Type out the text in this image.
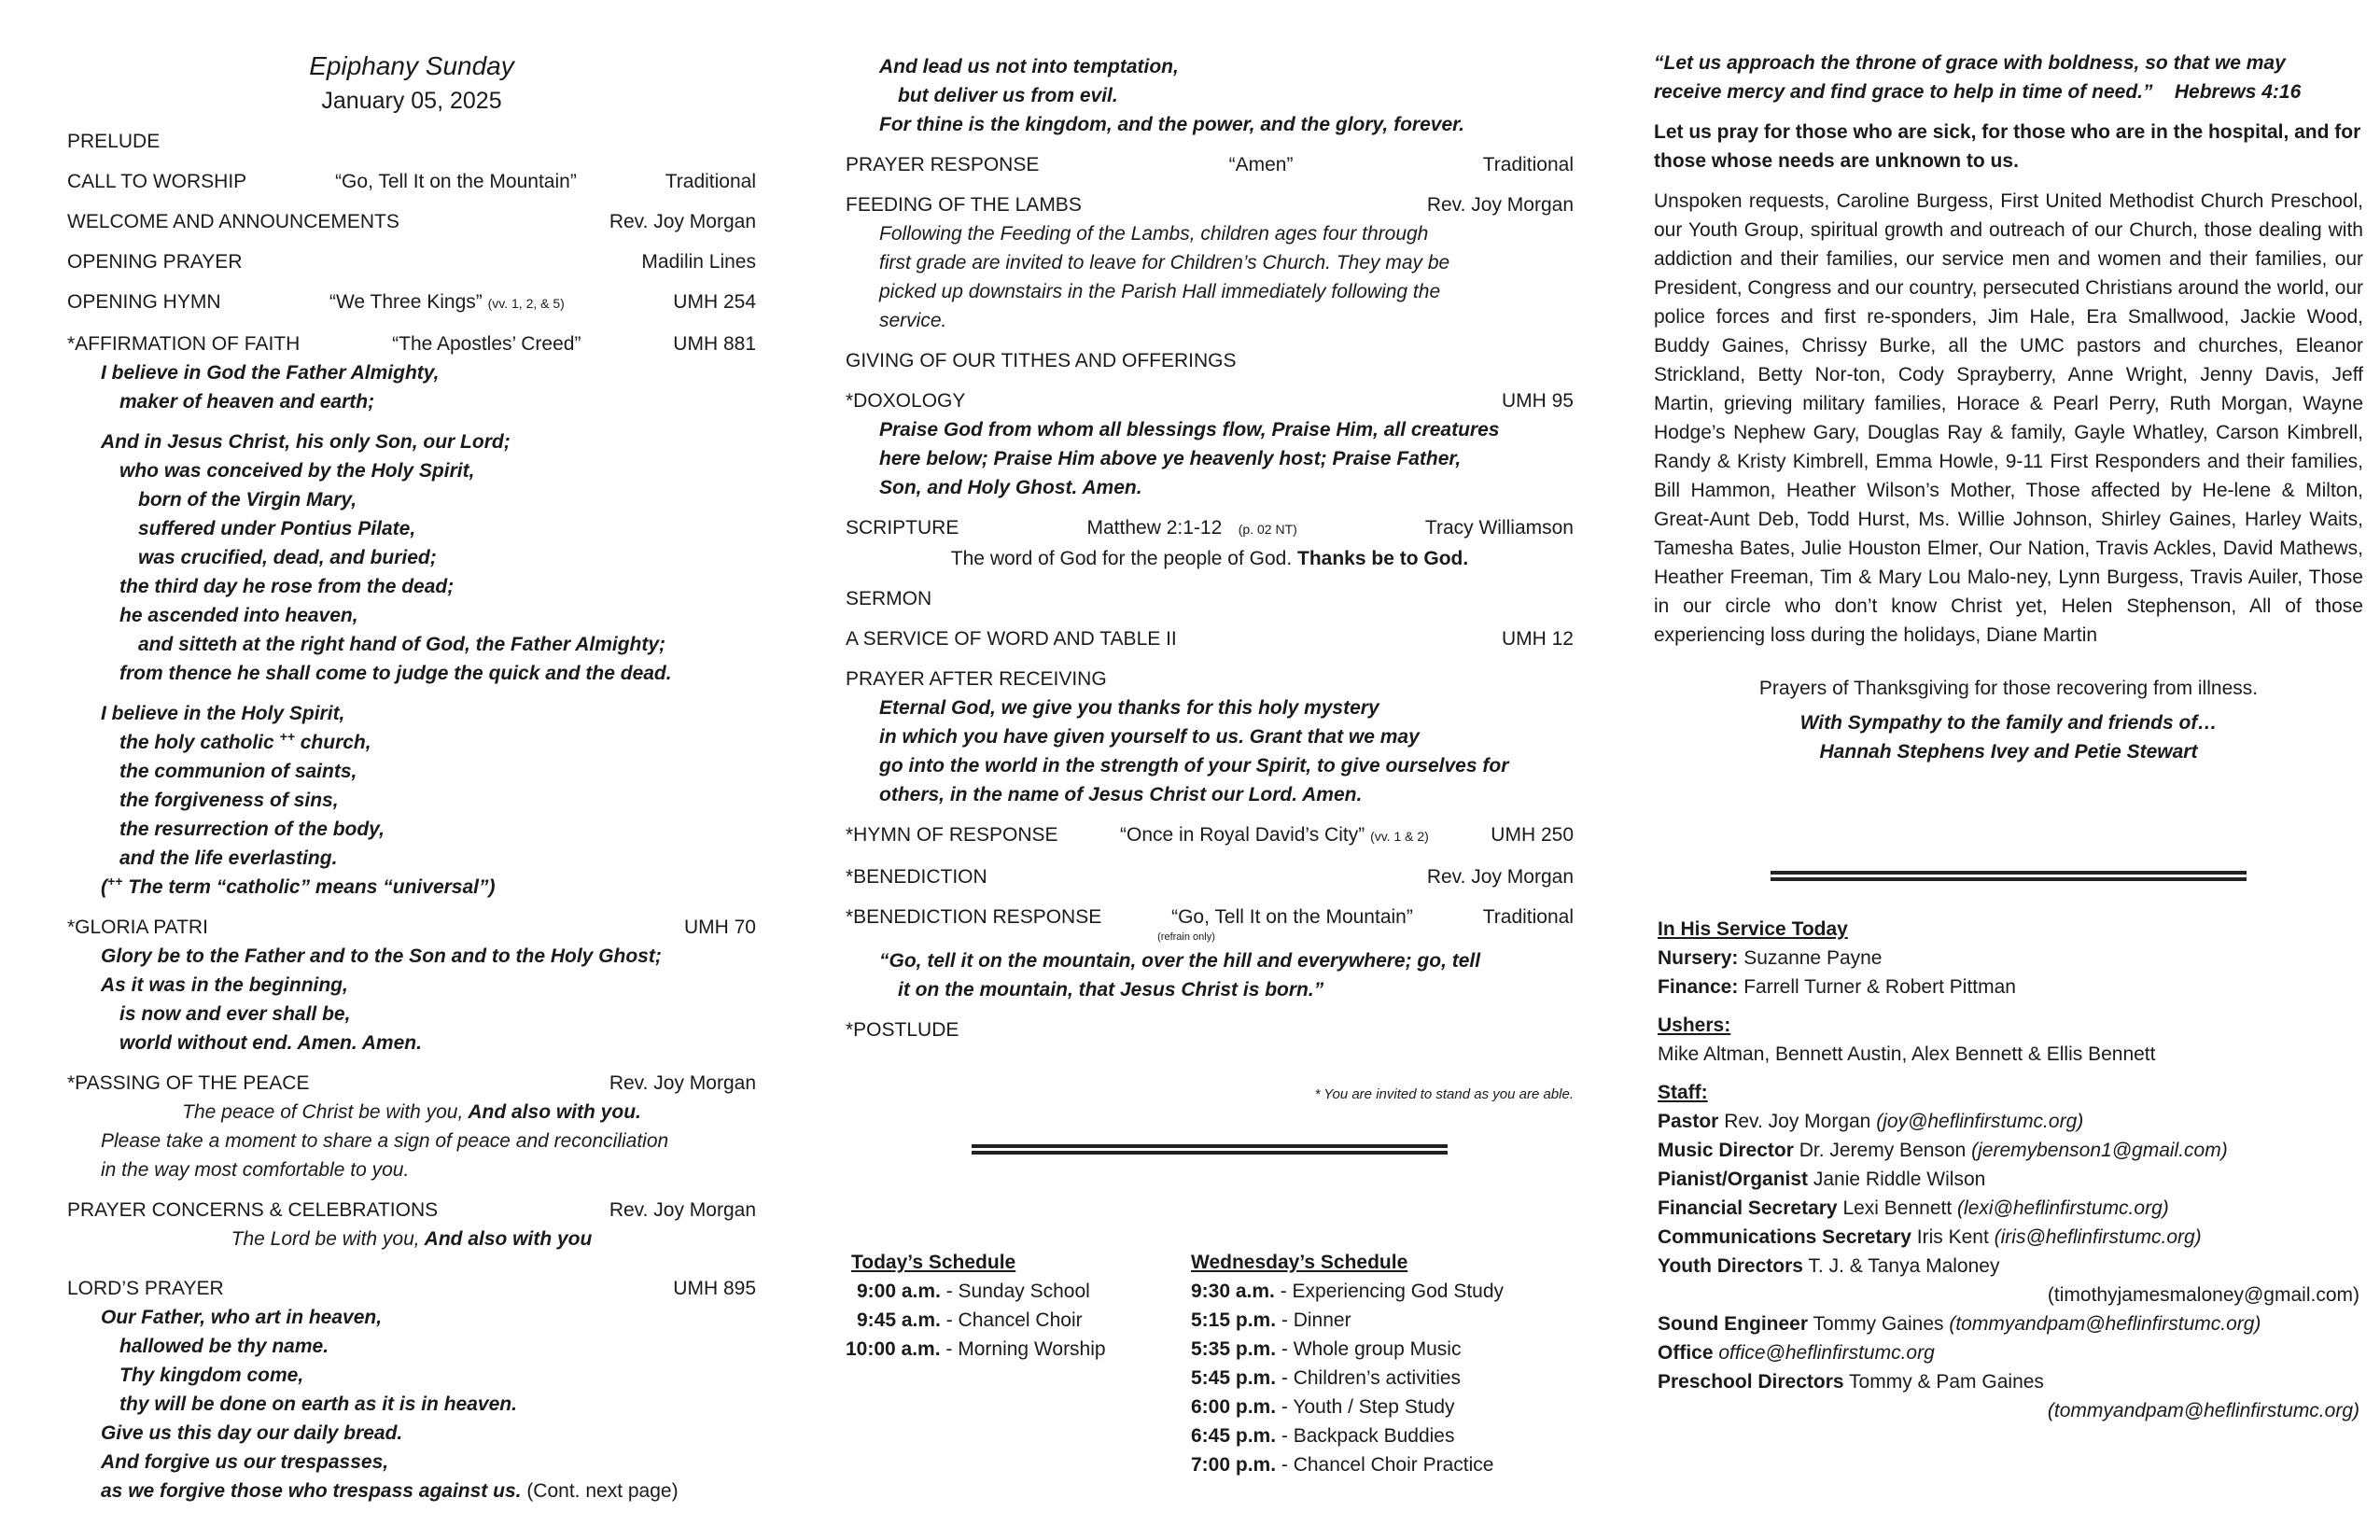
Epiphany Sunday
January 05, 2025
PRELUDE
CALL TO WORSHIP	“Go, Tell It on the Mountain”	Traditional
WELCOME AND ANNOUNCEMENTS	Rev. Joy Morgan
OPENING PRAYER	Madilin Lines
OPENING HYMN	“We Three Kings” (vv. 1, 2, & 5)	UMH 254
*AFFIRMATION OF FAITH	“The Apostles’ Creed”	UMH 881
I believe in God the Father Almighty,
maker of heaven and earth;
And in Jesus Christ, his only Son, our Lord;
who was conceived by the Holy Spirit,
born of the Virgin Mary,
suffered under Pontius Pilate,
was crucified, dead, and buried;
the third day he rose from the dead;
he ascended into heaven,
and sitteth at the right hand of God, the Father Almighty;
from thence he shall come to judge the quick and the dead.
I believe in the Holy Spirit,
the holy catholic ++ church,
the communion of saints,
the forgiveness of sins,
the resurrection of the body,
and the life everlasting.
(++ The term “catholic” means “universal”)
*GLORIA PATRI	UMH 70
Glory be to the Father and to the Son and to the Holy Ghost;
As it was in the beginning,
is now and ever shall be,
world without end. Amen. Amen.
*PASSING OF THE PEACE	Rev. Joy Morgan
The peace of Christ be with you, And also with you.
Please take a moment to share a sign of peace and reconciliation
in the way most comfortable to you.
PRAYER CONCERNS & CELEBRATIONS	Rev. Joy Morgan
The Lord be with you, And also with you
LORD’S PRAYER	UMH 895
Our Father, who art in heaven,
hallowed be thy name.
Thy kingdom come,
thy will be done on earth as it is in heaven.
Give us this day our daily bread.
And forgive us our trespasses,
as we forgive those who trespass against us. (Cont. next page)
And lead us not into temptation,
but deliver us from evil.
For thine is the kingdom, and the power, and the glory, forever.
PRAYER RESPONSE	“Amen”	Traditional
FEEDING OF THE LAMBS	Rev. Joy Morgan
Following the Feeding of the Lambs, children ages four through
first grade are invited to leave for Children’s Church. They may be
picked up downstairs in the Parish Hall immediately following the
service.
GIVING OF OUR TITHES AND OFFERINGS
*DOXOLOGY	UMH 95
Praise God from whom all blessings flow, Praise Him, all creatures
here below; Praise Him above ye heavenly host; Praise Father,
Son, and Holy Ghost. Amen.
SCRIPTURE	Matthew 2:1-12 (p. 02 NT)	Tracy Williamson
The word of God for the people of God. Thanks be to God.
SERMON
A SERVICE OF WORD AND TABLE II	UMH 12
PRAYER AFTER RECEIVING
Eternal God, we give you thanks for this holy mystery
in which you have given yourself to us. Grant that we may
go into the world in the strength of your Spirit, to give ourselves for
others, in the name of Jesus Christ our Lord. Amen.
*HYMN OF RESPONSE	“Once in Royal David’s City” (vv. 1 & 2)	UMH 250
*BENEDICTION	Rev. Joy Morgan
*BENEDICTION RESPONSE	“Go, Tell It on the Mountain”	Traditional
(refrain only)
“Go, tell it on the mountain, over the hill and everywhere; go, tell
it on the mountain, that Jesus Christ is born.”
*POSTLUDE
* You are invited to stand as you are able.
Today’s Schedule
9:00 a.m. - Sunday School
9:45 a.m. - Chancel Choir
10:00 a.m. - Morning Worship
Wednesday’s Schedule
9:30 a.m. - Experiencing God Study
5:15 p.m. - Dinner
5:35 p.m. - Whole group Music
5:45 p.m. - Children’s activities
6:00 p.m. - Youth / Step Study
6:45 p.m. - Backpack Buddies
7:00 p.m. - Chancel Choir Practice
“Let us approach the throne of grace with boldness, so that we may
receive mercy and find grace to help in time of need.” Hebrews 4:16
Let us pray for those who are sick, for those who are in the hospital, and for those whose needs are unknown to us.
Unspoken requests, Caroline Burgess, First United Methodist Church Preschool, our Youth Group, spiritual growth and outreach of our Church, those dealing with addiction and their families, our service men and women and their families, our President, Congress and our country, persecuted Christians around the world, our police forces and first re-sponders, Jim Hale, Era Smallwood, Jackie Wood, Buddy Gaines, Chrissy Burke, all the UMC pastors and churches, Eleanor Strickland, Betty Nor-ton, Cody Sprayberry, Anne Wright, Jenny Davis, Jeff Martin, grieving military families, Horace & Pearl Perry, Ruth Morgan, Wayne Hodge’s Nephew Gary, Douglas Ray & family, Gayle Whatley, Carson Kimbrell, Randy & Kristy Kimbrell, Emma Howle, 9-11 First Responders and their families, Bill Hammon, Heather Wilson’s Mother, Those affected by He-lene & Milton, Great-Aunt Deb, Todd Hurst, Ms. Willie Johnson, Shirley Gaines, Harley Waits, Tamesha Bates, Julie Houston Elmer, Our Nation, Travis Ackles, David Mathews, Heather Freeman, Tim & Mary Lou Malo-ney, Lynn Burgess, Travis Auiler, Those in our circle who don’t know Christ yet, Helen Stephenson, All of those experiencing loss during the holidays, Diane Martin
Prayers of Thanksgiving for those recovering from illness.
With Sympathy to the family and friends of…
Hannah Stephens Ivey and Petie Stewart
In His Service Today

Nursery: Suzanne Payne

Finance: Farrell Turner & Robert Pittman

Ushers:

Mike Altman, Bennett Austin, Alex Bennett & Ellis Bennett

Staff:

Pastor Rev. Joy Morgan (joy@heflinfirstumc.org)

Music Director Dr. Jeremy Benson (jeremybenson1@gmail.com)

Pianist/Organist Janie Riddle Wilson

Financial Secretary Lexi Bennett (lexi@heflinfirstumc.org)

Communications Secretary Iris Kent (iris@heflinfirstumc.org)

Youth Directors T. J. & Tanya Maloney

(timothyjamesmaloney@gmail.com)

Sound Engineer Tommy Gaines (tommyandpam@heflinfirstumc.org)

Office office@heflinfirstumc.org

Preschool Directors Tommy & Pam Gaines

(tommyandpam@heflinfirstumc.org)
